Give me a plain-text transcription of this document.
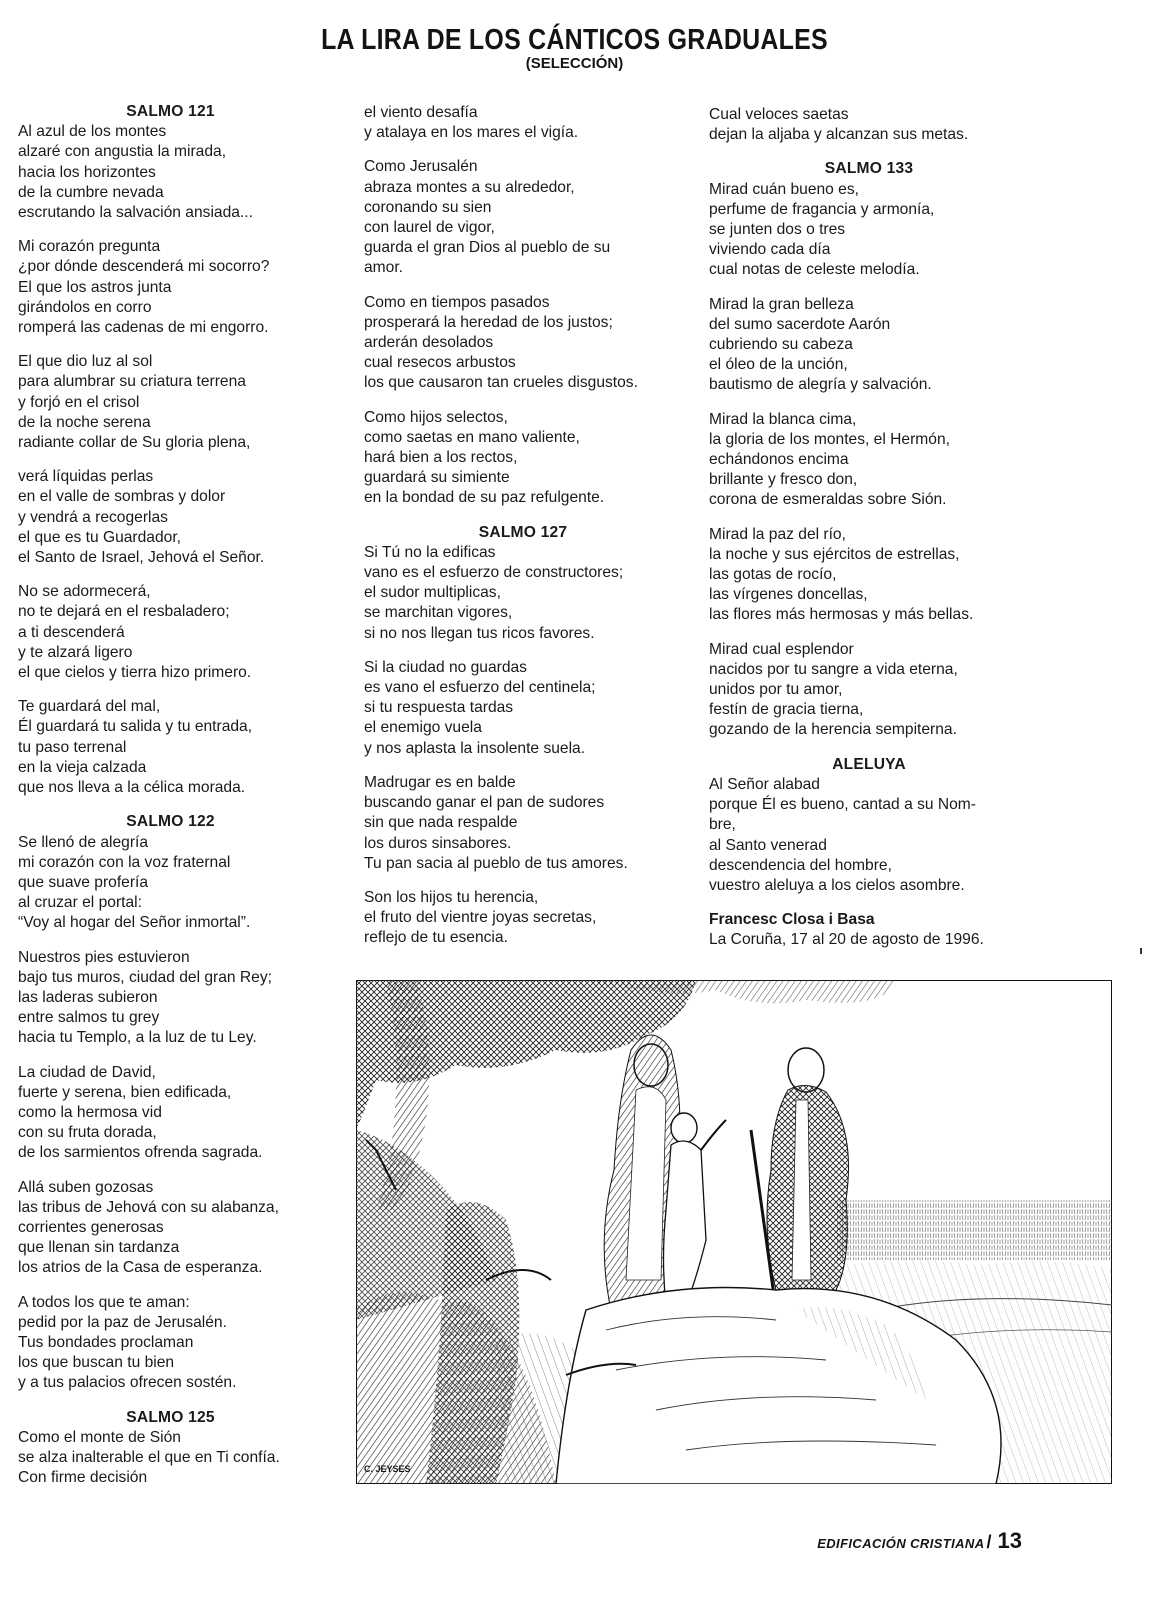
LA LIRA DE LOS CÁNTICOS GRADUALES
(SELECCIÓN)
SALMO 121
Al azul de los montes
alzaré con angustia la mirada,
hacia los horizontes
de la cumbre nevada
escrutando la salvación ansiada...
Mi corazón pregunta
¿por dónde descenderá mi socorro?
El que los astros junta
girándolos en corro
romperá las cadenas de mi engorro.
El que dio luz al sol
para alumbrar su criatura terrena
y forjó en el crisol
de la noche serena
radiante collar de Su gloria plena,
verá líquidas perlas
en el valle de sombras y dolor
y vendrá a recogerlas
el que es tu Guardador,
el Santo de Israel, Jehová el Señor.
No se adormecerá,
no te dejará en el resbaladero;
a ti descenderá
y te alzará ligero
el que cielos y tierra hizo primero.
Te guardará del mal,
Él guardará tu salida y tu entrada,
tu paso terrenal
en la vieja calzada
que nos lleva a la célica morada.
SALMO 122
Se llenó de alegría
mi corazón con la voz fraternal
que suave profería
al cruzar el portal:
“Voy al hogar del Señor inmortal”.
Nuestros pies estuvieron
bajo tus muros, ciudad del gran Rey;
las laderas subieron
entre salmos tu grey
hacia tu Templo, a la luz de tu Ley.
La ciudad de David,
fuerte y serena, bien edificada,
como la hermosa vid
con su fruta dorada,
de los sarmientos ofrenda sagrada.
Allá suben gozosas
las tribus de Jehová con su alabanza,
corrientes generosas
que llenan sin tardanza
los atrios de la Casa de esperanza.
A todos los que te aman:
pedid por la paz de Jerusalén.
Tus bondades proclaman
los que buscan tu bien
y a tus palacios ofrecen sostén.
SALMO 125
Como el monte de Sión
se alza inalterable el que en Ti confía.
Con firme decisión
el viento desafía
y atalaya en los mares el vigía.
Como Jerusalén
abraza montes a su alrededor,
coronando su sien
con laurel de vigor,
guarda el gran Dios al pueblo de su
amor.
Como en tiempos pasados
prosperará la heredad de los justos;
arderán desolados
cual resecos arbustos
los que causaron tan crueles disgustos.
Como hijos selectos,
como saetas en mano valiente,
hará bien a los rectos,
guardará su simiente
en la bondad de su paz refulgente.
SALMO 127
Si Tú no la edificas
vano es el esfuerzo de constructores;
el sudor multiplicas,
se marchitan vigores,
si no nos llegan tus ricos favores.
Si la ciudad no guardas
es vano el esfuerzo del centinela;
si tu respuesta tardas
el enemigo vuela
y nos aplasta la insolente suela.
Madrugar es en balde
buscando ganar el pan de sudores
sin que nada respalde
los duros sinsabores.
Tu pan sacia al pueblo de tus amores.
Son los hijos tu herencia,
el fruto del vientre joyas secretas,
reflejo de tu esencia.
Cual veloces saetas
dejan la aljaba y alcanzan sus metas.
SALMO 133
Mirad cuán bueno es,
perfume de fragancia y armonía,
se junten dos o tres
viviendo cada día
cual notas de celeste melodía.
Mirad la gran belleza
del sumo sacerdote Aarón
cubriendo su cabeza
el óleo de la unción,
bautismo de alegría y salvación.
Mirad la blanca cima,
la gloria de los montes, el Hermón,
echándonos encima
brillante y fresco don,
corona de esmeraldas sobre Sión.
Mirad la paz del río,
la noche y sus ejércitos de estrellas,
las gotas de rocío,
las vírgenes doncellas,
las flores más hermosas y más bellas.
Mirad cual esplendor
nacidos por tu sangre a vida eterna,
unidos por tu amor,
festín de gracia tierna,
gozando de la herencia sempiterna.
ALELUYA
Al Señor alabad
porque Él es bueno, cantad a su Nom-
bre,
al Santo venerad
descendencia del hombre,
vuestro aleluya a los cielos asombre.
Francesc Closa i Basa
La Coruña, 17 al 20 de agosto de 1996.
C. JEYSES
EDIFICACIÓN CRISTIANA / 13
